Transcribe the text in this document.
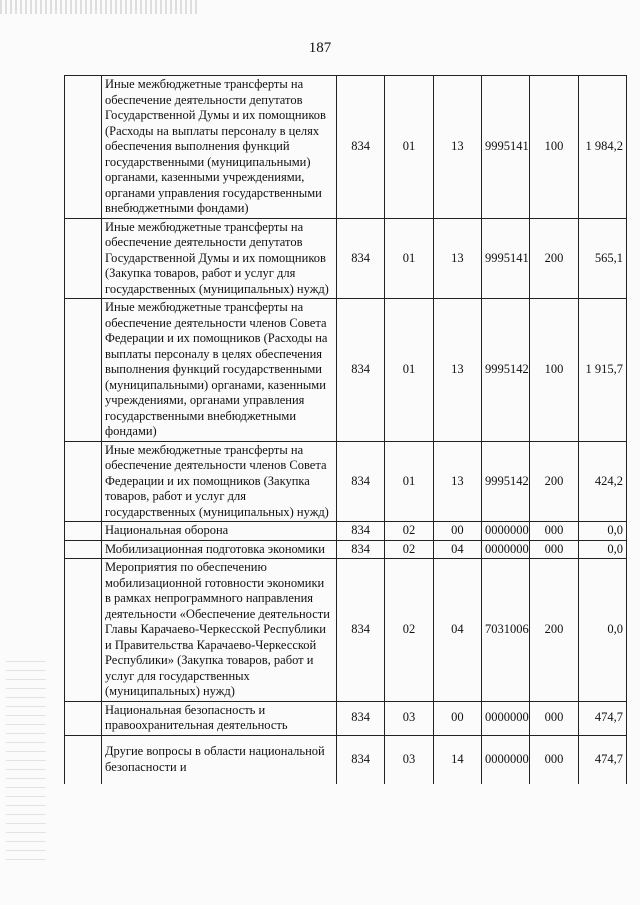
187
	Иные межбюджетные трансферты на обеспечение деятельности депутатов Государственной Думы и их помощников (Расходы на выплаты персоналу в целях обеспечения выполнения функций государственными (муниципальными) органами, казенными учреждениями, органами управления государственными внебюджетными фондами)	834	01	13	9995141	100	1 984,2
	Иные межбюджетные трансферты на обеспечение деятельности депутатов Государственной Думы и их помощников (Закупка товаров, работ и услуг для государственных (муниципальных) нужд)	834	01	13	9995141	200	565,1
	Иные межбюджетные трансферты на обеспечение деятельности членов Совета Федерации и их помощников (Расходы на выплаты персоналу в целях обеспечения выполнения функций государственными (муниципальными) органами, казенными учреждениями, органами управления государственными внебюджетными фондами)	834	01	13	9995142	100	1 915,7
	Иные межбюджетные трансферты на обеспечение деятельности членов Совета Федерации и их помощников (Закупка товаров, работ и услуг для государственных (муниципальных) нужд)	834	01	13	9995142	200	424,2
	Национальная оборона	834	02	00	0000000	000	0,0
	Мобилизационная подготовка экономики	834	02	04	0000000	000	0,0
	Мероприятия по обеспечению мобилизационной готовности экономики в рамках непрограммного направления деятельности «Обеспечение деятельности Главы Карачаево-Черкесской Республики и Правительства Карачаево-Черкесской Республики» (Закупка товаров, работ и услуг для государственных (муниципальных) нужд)	834	02	04	7031006	200	0,0
	Национальная безопасность и правоохранительная деятельность	834	03	00	0000000	000	474,7
	Другие вопросы в области национальной безопасности и	834	03	14	0000000	000	474,7
